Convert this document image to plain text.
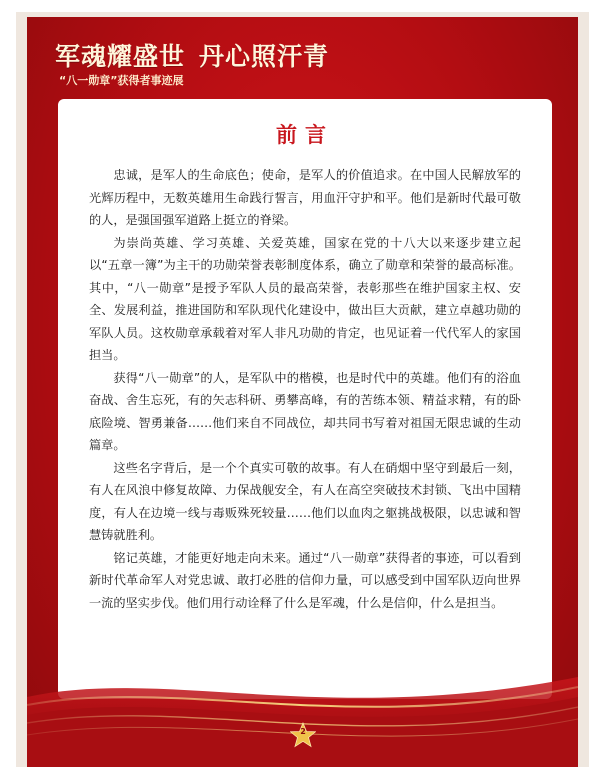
军魂耀盛世 丹心照汗青
“八一勋章”获得者事迹展
前言

忠诚，是军人的生命底色；使命，是军人的价值追求。在中国人民解放军的光辉历程中，无数英雄用生命践行誓言，用血汗守护和平。他们是新时代最可敬的人，是强国强军道路上挺立的脊梁。

为崇尚英雄、学习英雄、关爱英雄，国家在党的十八大以来逐步建立起以“五章一簿”为主干的功勋荣誉表彰制度体系，确立了勋章和荣誉的最高标准。其中，“八一勋章”是授予军队人员的最高荣誉，表彰那些在维护国家主权、安全、发展利益，推进国防和军队现代化建设中，做出巨大贡献，建立卓越功勋的军队人员。这枚勋章承载着对军人非凡功勋的肯定，也见证着一代代军人的家国担当。

获得“八一勋章”的人，是军队中的楷模，也是时代中的英雄。他们有的浴血奋战、舍生忘死，有的矢志科研、勇攀高峰，有的苦练本领、精益求精，有的卧底险境、智勇兼备……他们来自不同战位，却共同书写着对祖国无限忠诚的生动篇章。

这些名字背后，是一个个真实可敬的故事。有人在硝烟中坚守到最后一刻，有人在风浪中修复故障、力保战舰安全，有人在高空突破技术封锁、飞出中国精度，有人在边境一线与毒贩殊死较量……他们以血肉之躯挑战极限，以忠诚和智慧铸就胜利。

铭记英雄，才能更好地走向未来。通过“八一勋章”获得者的事迹，可以看到新时代革命军人对党忠诚、敢打必胜的信仰力量，可以感受到中国军队迈向世界一流的坚实步伐。他们用行动诠释了什么是军魂，什么是信仰，什么是担当。

2
